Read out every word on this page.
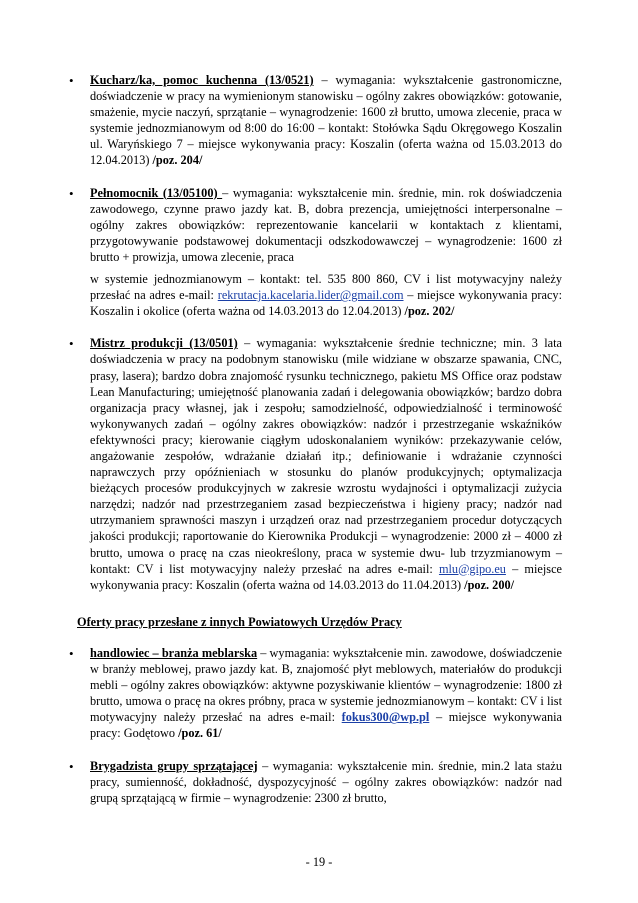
• Kucharz/ka, pomoc kuchenna (13/0521) – wymagania: wykształcenie gastronomiczne, doświadczenie w pracy na wymienionym stanowisku – ogólny zakres obowiązków: gotowanie, smażenie, mycie naczyń, sprzątanie – wynagrodzenie: 1600 zł brutto, umowa zlecenie, praca w systemie jednozmianowym od 8:00 do 16:00 – kontakt: Stołówka Sądu Okręgowego Koszalin ul. Waryńskiego 7 – miejsce wykonywania pracy: Koszalin (oferta ważna od 15.03.2013 do 12.04.2013) /poz. 204/

• Pełnomocnik (13/05100) – wymagania: wykształcenie min. średnie, min. rok doświadczenia zawodowego, czynne prawo jazdy kat. B, dobra prezencja, umiejętności interpersonalne – ogólny zakres obowiązków: reprezentowanie kancelarii w kontaktach z klientami, przygotowywanie podstawowej dokumentacji odszkodowawczej – wynagrodzenie: 1600 zł brutto + prowizja, umowa zlecenie, praca

w systemie jednozmianowym – kontakt: tel. 535 800 860, CV i list motywacyjny należy przesłać na adres e-mail: rekrutacja.kacelaria.lider@gmail.com – miejsce wykonywania pracy: Koszalin i okolice (oferta ważna od 14.03.2013 do 12.04.2013) /poz. 202/

• Mistrz produkcji (13/0501) – wymagania: wykształcenie średnie techniczne; min. 3 lata doświadczenia w pracy na podobnym stanowisku (mile widziane w obszarze spawania, CNC, prasy, lasera); bardzo dobra znajomość rysunku technicznego, pakietu MS Office oraz podstaw Lean Manufacturing; umiejętność planowania zadań i delegowania obowiązków; bardzo dobra organizacja pracy własnej, jak i zespołu; samodzielność, odpowiedzialność i terminowość wykonywanych zadań – ogólny zakres obowiązków: nadzór i przestrzeganie wskaźników efektywności pracy; kierowanie ciągłym udoskonalaniem wyników: przekazywanie celów, angażowanie zespołów, wdrażanie działań itp.; definiowanie i wdrażanie czynności naprawczych przy opóźnieniach w stosunku do planów produkcyjnych; optymalizacja bieżących procesów produkcyjnych w zakresie wzrostu wydajności i optymalizacji zużycia narzędzi; nadzór nad przestrzeganiem zasad bezpieczeństwa i higieny pracy; nadzór nad utrzymaniem sprawności maszyn i urządzeń oraz nad przestrzeganiem procedur dotyczących jakości produkcji; raportowanie do Kierownika Produkcji – wynagrodzenie: 2000 zł – 4000 zł brutto, umowa o pracę na czas nieokreślony, praca w systemie dwu- lub trzyzmianowym – kontakt: CV i list motywacyjny należy przesłać na adres e-mail: mlu@gipo.eu – miejsce wykonywania pracy: Koszalin (oferta ważna od 14.03.2013 do 11.04.2013) /poz. 200/

Oferty pracy przesłane z innych Powiatowych Urzędów Pracy
• handlowiec – branża meblarska – wymagania: wykształcenie min. zawodowe, doświadczenie w branży meblowej, prawo jazdy kat. B, znajomość płyt meblowych, materiałów do produkcji mebli – ogólny zakres obowiązków: aktywne pozyskiwanie klientów – wynagrodzenie: 1800 zł brutto, umowa o pracę na okres próbny, praca w systemie jednozmianowym – kontakt: CV i list motywacyjny należy przesłać na adres e-mail: fokus300@wp.pl – miejsce wykonywania pracy: Godętowo /poz. 61/

• Brygadzista grupy sprzątającej – wymagania: wykształcenie min. średnie, min.2 lata stażu pracy, sumienność, dokładność, dyspozycyjność – ogólny zakres obowiązków: nadzór nad grupą sprzątającą w firmie – wynagrodzenie: 2300 zł brutto,

- 19 -
